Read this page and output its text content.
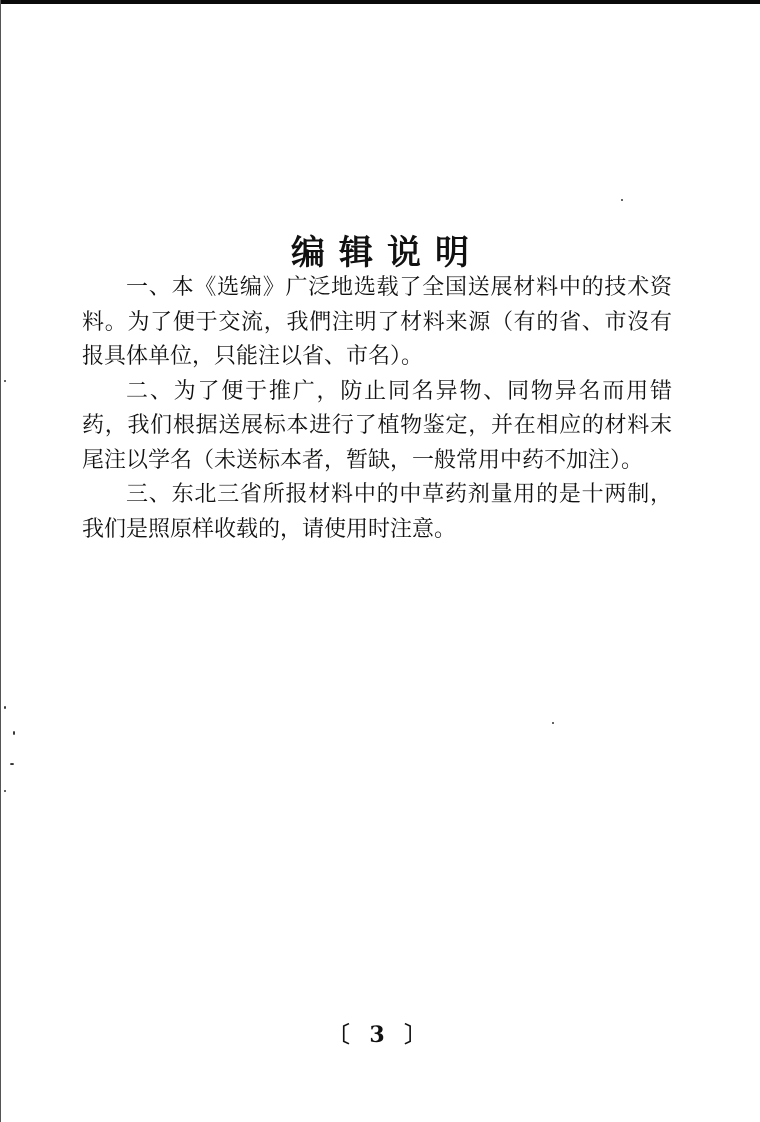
编辑说明

一、本《选编》广泛地选载了全国送展材料中的技术资料。为了便于交流，我們注明了材料来源（有的省、市沒有报具体单位，只能注以省、市名）。

二、为了便于推广，防止同名异物、同物异名而用错药，我们根据送展标本进行了植物鉴定，并在相应的材料末尾注以学名（未送标本者，暂缺，一般常用中药不加注）。

三、东北三省所报材料中的中草药剂量用的是十两制，我们是照原样收载的，请使用时注意。

〔 3 〕
